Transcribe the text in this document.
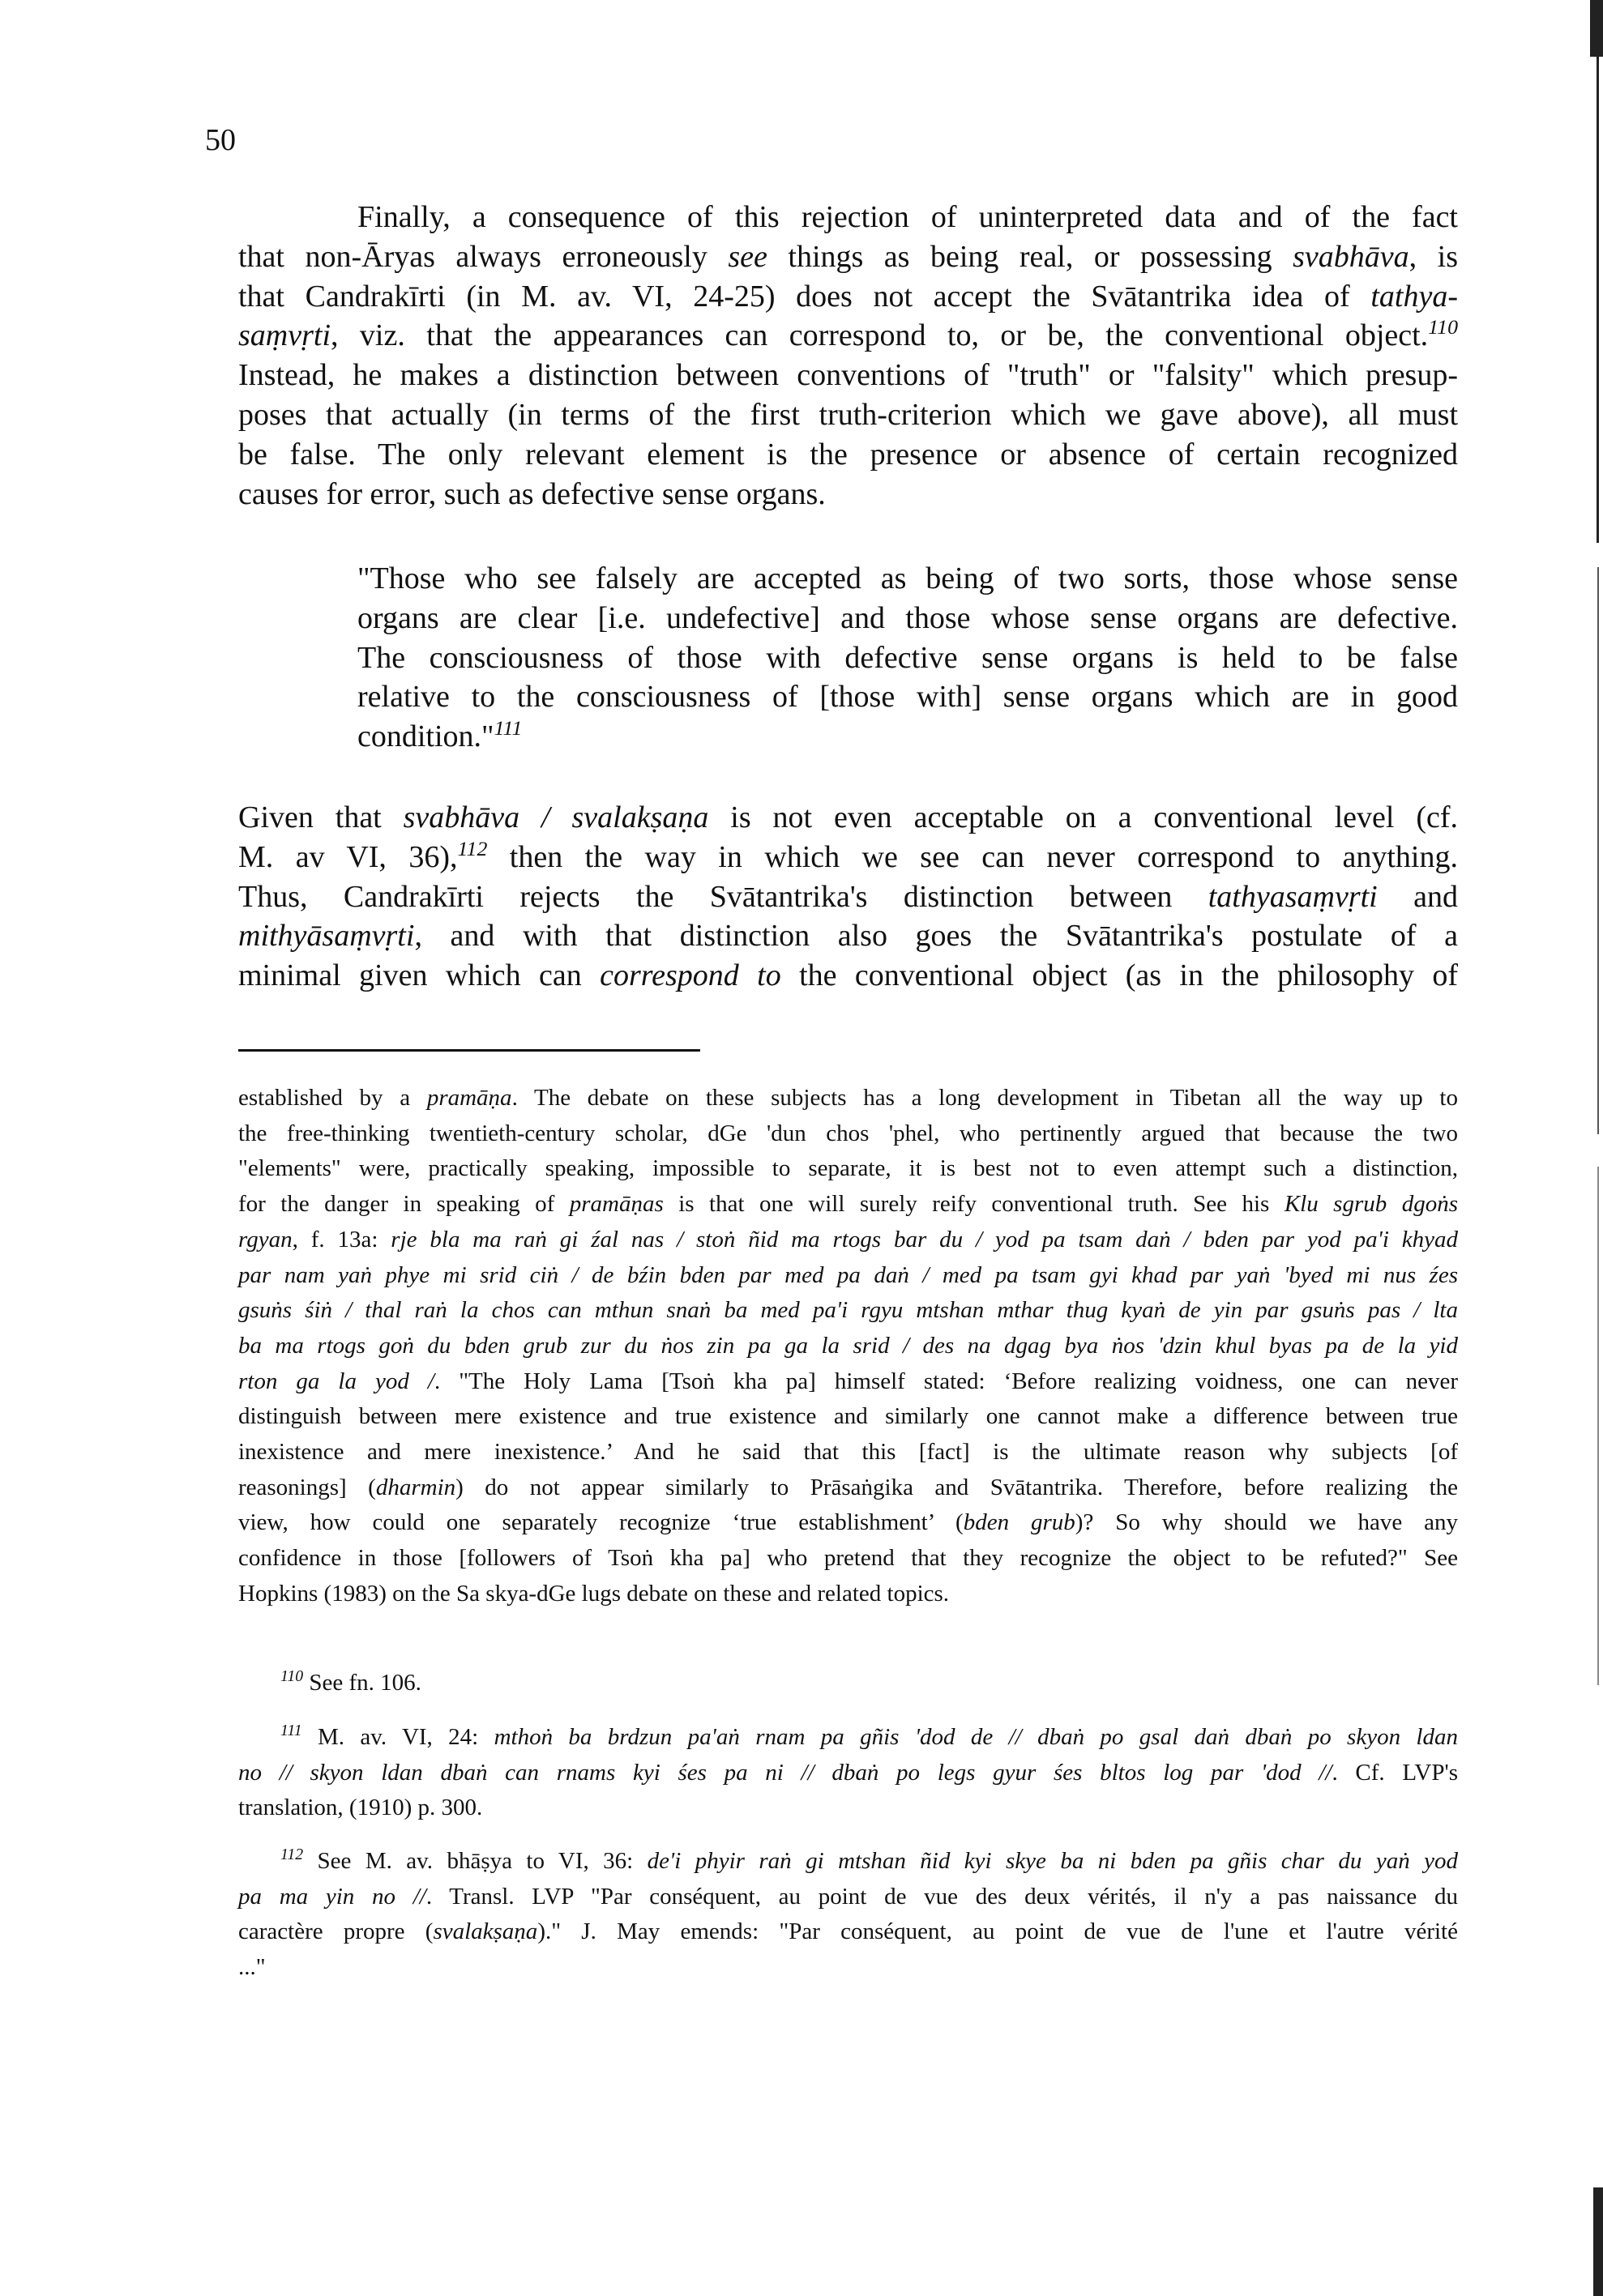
50
Finally, a consequence of this rejection of uninterpreted data and of the fact
that non-Āryas always erroneously see things as being real, or possessing svabhāva, is
that Candrakīrti (in M. av. VI, 24-25) does not accept the Svātantrika idea of tathya-
saṃvṛti, viz. that the appearances can correspond to, or be, the conventional object.$^{110}$
Instead, he makes a distinction between conventions of "truth" or "falsity" which presup-
poses that actually (in terms of the first truth-criterion which we gave above), all must
be false. The only relevant element is the presence or absence of certain recognized
causes for error, such as defective sense organs.
"Those who see falsely are accepted as being of two sorts, those whose sense
organs are clear [i.e. undefective] and those whose sense organs are defective.
The consciousness of those with defective sense organs is held to be false
relative to the consciousness of [those with] sense organs which are in good
condition."$^{111}$
Given that svabhāva / svalakṣaṇa is not even acceptable on a conventional level (cf.
M. av VI, 36),$^{112}$ then the way in which we see can never correspond to anything.
Thus, Candrakīrti rejects the Svātantrika's distinction between tathyasaṃvṛti and
mithyāsaṃvṛti, and with that distinction also goes the Svātantrika's postulate of a
minimal given which can correspond to the conventional object (as in the philosophy of
established by a pramāṇa. The debate on these subjects has a long development in Tibetan all the way up to
the free-thinking twentieth-century scholar, dGe 'dun chos 'phel, who pertinently argued that because the two
"elements" were, practically speaking, impossible to separate, it is best not to even attempt such a distinction,
for the danger in speaking of pramāṇas is that one will surely reify conventional truth. See his Klu sgrub dgoṅs
rgyan, f. 13a: rje bla ma raṅ gi źal nas / stoṅ ñid ma rtogs bar du / yod pa tsam daṅ / bden par yod pa'i khyad
par nam yaṅ phye mi srid ciṅ / de bźin bden par med pa daṅ / med pa tsam gyi khad par yaṅ 'byed mi nus źes
gsuṅs śiṅ / thal raṅ la chos can mthun snaṅ ba med pa'i rgyu mtshan mthar thug kyaṅ de yin par gsuṅs pas / lta
ba ma rtogs goṅ du bden grub zur du ṅos zin pa ga la srid / des na dgag bya ṅos 'dzin khul byas pa de la yid
rton ga la yod /. "The Holy Lama [Tsoṅ kha pa] himself stated: ‘Before realizing voidness, one can never
distinguish between mere existence and true existence and similarly one cannot make a difference between true
inexistence and mere inexistence.’ And he said that this [fact] is the ultimate reason why subjects [of
reasonings] (dharmin) do not appear similarly to Prāsaṅgika and Svātantrika. Therefore, before realizing the
view, how could one separately recognize ‘true establishment’ (bden grub)? So why should we have any
confidence in those [followers of Tsoṅ kha pa] who pretend that they recognize the object to be refuted?" See
Hopkins (1983) on the Sa skya-dGe lugs debate on these and related topics.
$^{110}$ See fn. 106.
$^{111}$ M. av. VI, 24: mthoṅ ba brdzun pa'aṅ rnam pa gñis 'dod de // dbaṅ po gsal daṅ dbaṅ po skyon ldan
no // skyon ldan dbaṅ can rnams kyi śes pa ni // dbaṅ po legs gyur śes bltos log par 'dod //. Cf. LVP's
translation, (1910) p. 300.
$^{112}$ See M. av. bhāṣya to VI, 36: de'i phyir raṅ gi mtshan ñid kyi skye ba ni bden pa gñis char du yaṅ yod
pa ma yin no //. Transl. LVP "Par conséquent, au point de vue des deux vérités, il n'y a pas naissance du
caractère propre (svalakṣaṇa)." J. May emends: "Par conséquent, au point de vue de l'une et l'autre vérité
..."
